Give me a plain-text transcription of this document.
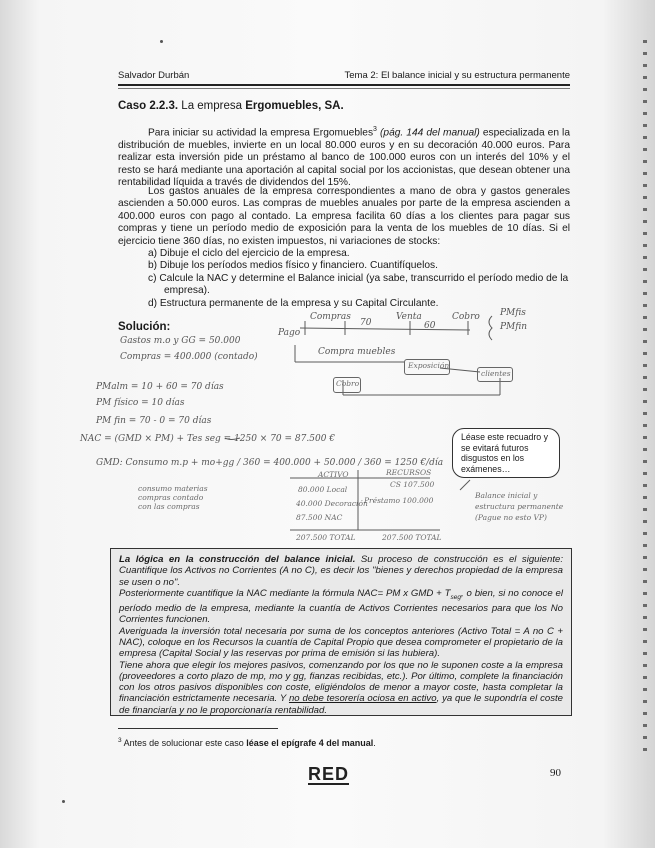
Salvador Durbán	Tema 2: El balance inicial y su estructura permanente
Caso 2.2.3. La empresa Ergomuebles, SA.
Para iniciar su actividad la empresa Ergomuebles$^3$ (pág. 144 del manual) especializada en la distribución de muebles, invierte en un local 80.000 euros y en su decoración 40.000 euros. Para realizar esta inversión pide un préstamo al banco de 100.000 euros con un interés del 10% y el resto se hará mediante una aportación al capital social por los accionistas, que desean obtener una rentabilidad líquida a través de dividendos del 15%.
Los gastos anuales de la empresa correspondientes a mano de obra y gastos generales ascienden a 50.000 euros. Las compras de muebles anuales por parte de la empresa ascienden a 400.000 euros con pago al contado. La empresa facilita 60 días a los clientes para pagar sus compras y tiene un período medio de exposición para la venta de los muebles de 10 días. Si el ejercicio tiene 360 días, no existen impuestos, ni variaciones de stocks:
a) Dibuje el ciclo del ejercicio de la empresa.
b) Dibuje los períodos medios físico y financiero. Cuantifíquelos.
c) Calcule la NAC y determine el Balance inicial (ya sabe, transcurrido el período medio de la empresa).
d) Estructura permanente de la empresa y su Capital Circulante.
Solución:
Gastos m.o y GG = 50.000
Compras = 400.000 (contado)
PMalm = 10 + 60 = 70 días
PM físico = 10 días
PM fin = 70 - 0 = 70 días
NAC = (GMD × PM) + Tes seg = 1250 × 70 = 87.500 €
GMD: Consumo m.p + mo+gg / 360 = 400.000 + 50.000 / 360 = 1250 €/día
consumo materias compras contado con las compras
Compras
70
Venta
60
Cobro
Pago
PMfis
PMfin
Compra muebles
Exposición
clientes
Cobro
ACTIVO	RECURSOS
80.000 Local
40.000 Decoración
87.500 NAC
CS 107.500
Préstamo 100.000
207.500 TOTAL	207.500 TOTAL
Balance inicial y estructura permanente (Pague no esto VP)
Léase este recuadro y se evitará futuros disgustos en los exámenes…

La lógica en la construcción del balance inicial. Su proceso de construcción es el siguiente: Cuantifique los Activos no Corrientes (A no C), es decir los "bienes y derechos propiedad de la empresa se usen o no".

Posteriormente cuantifique la NAC mediante la fórmula NAC= PM x GMD + $T_{seg}$, o bien, si no conoce el período medio de la empresa, mediante la cuantía de Activos Corrientes necesarios para que los No Corrientes funcionen.

Averiguada la inversión total necesaria por suma de los conceptos anteriores (Activo Total = A no C + NAC), coloque en los Recursos la cuantía de Capital Propio que desea comprometer el propietario de la empresa (Capital Social y las reservas por prima de emisión si las hubiera).

Tiene ahora que elegir los mejores pasivos, comenzando por los que no le suponen coste a la empresa (proveedores a corto plazo de mp, mo y gg, fianzas recibidas, etc.). Por último, complete la financiación con los otros pasivos disponibles con coste, eligiéndolos de menor a mayor coste, hasta completar la financiación estrictamente necesaria. Y no debe tesorería ociosa en activo, ya que le supondría el coste de financiaría y no le proporcionaría rentabilidad.

$^3$ Antes de solucionar este caso léase el epígrafe 4 del manual.
RED	90
